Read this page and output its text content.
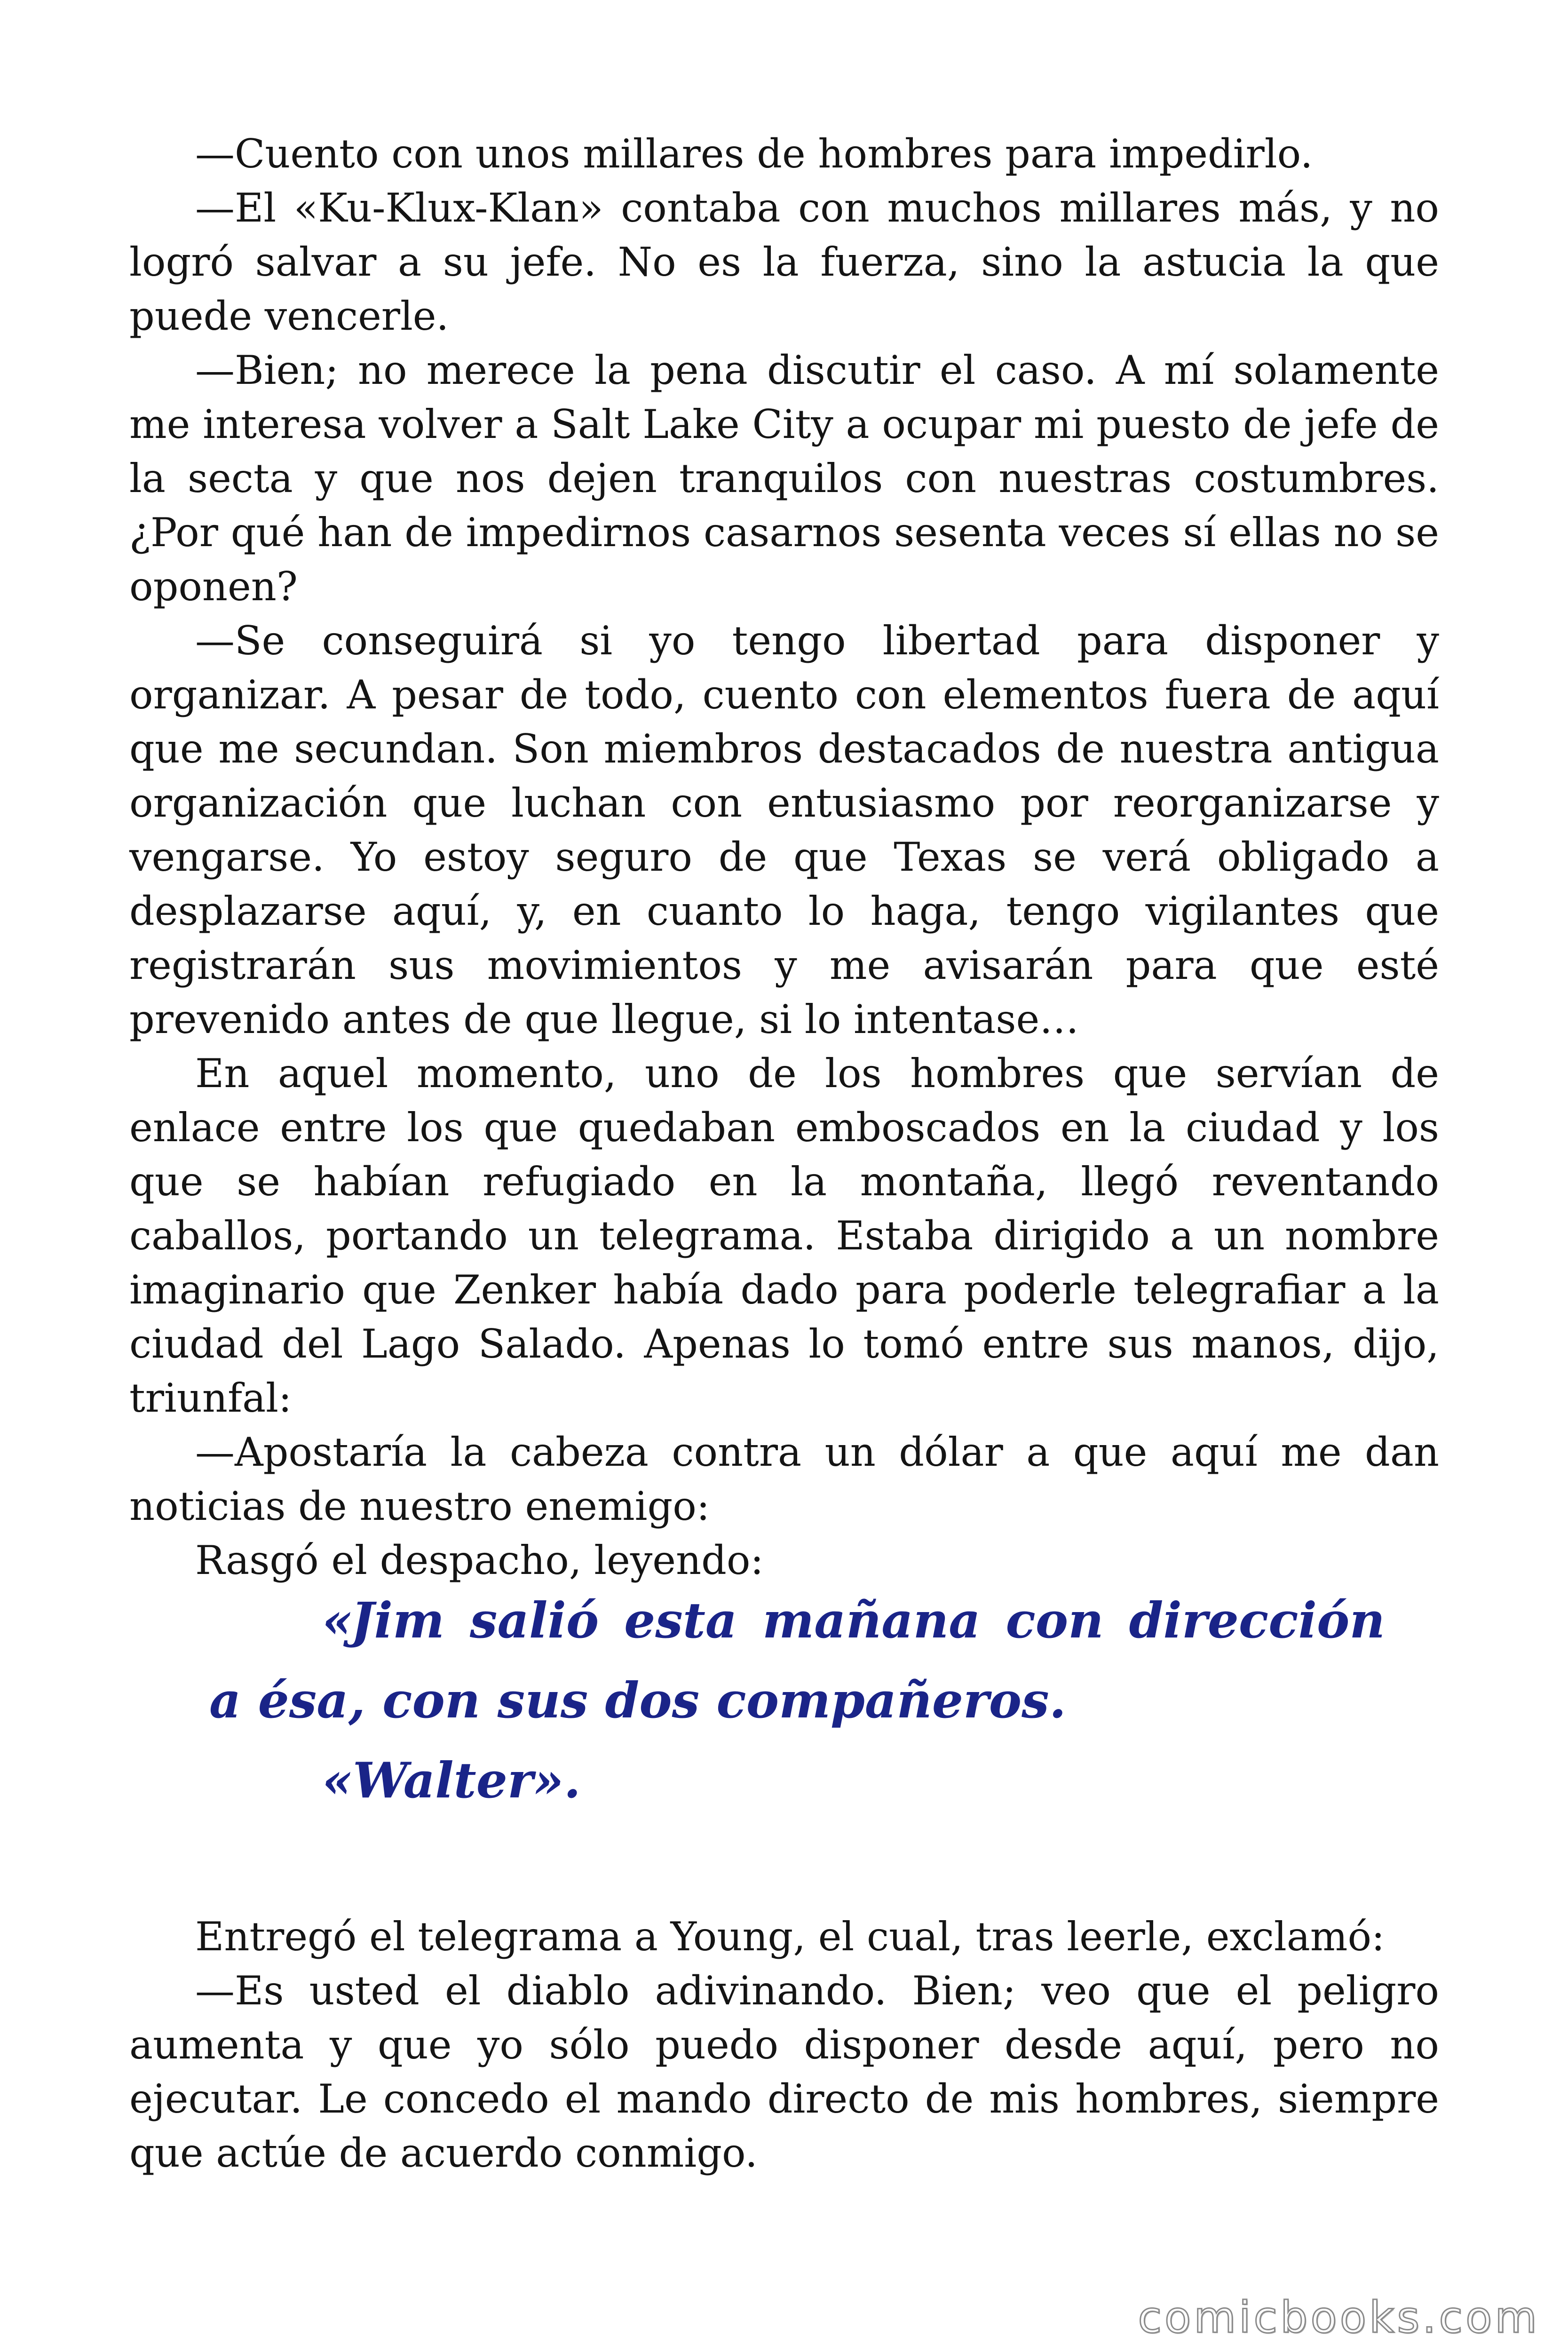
—Cuento con unos millares de hombres para impedirlo.

—El «Ku-Klux-Klan» contaba con muchos millares más, y no logró salvar a su jefe. No es la fuerza, sino la astucia la que puede vencerle.

—Bien; no merece la pena discutir el caso. A mí solamente me interesa volver a Salt Lake City a ocupar mi puesto de jefe de la secta y que nos dejen tranquilos con nuestras costumbres. ¿Por qué han de impedirnos casarnos sesenta veces sí ellas no se oponen?

—Se conseguirá si yo tengo libertad para disponer y organizar. A pesar de todo, cuento con elementos fuera de aquí que me secundan. Son miembros destacados de nuestra antigua organización que luchan con entusiasmo por reorganizarse y vengarse. Yo estoy seguro de que Texas se verá obligado a desplazarse aquí, y, en cuanto lo haga, tengo vigilantes que registrarán sus movimientos y me avisarán para que esté prevenido antes de que llegue, si lo intentase…

En aquel momento, uno de los hombres que servían de enlace entre los que quedaban emboscados en la ciudad y los que se habían refugiado en la montaña, llegó reventando caballos, portando un telegrama. Estaba dirigido a un nombre imaginario que Zenker había dado para poderle telegrafiar a la ciudad del Lago Salado. Apenas lo tomó entre sus manos, dijo, triunfal:

—Apostaría la cabeza contra un dólar a que aquí me dan noticias de nuestro enemigo:

Rasgó el despacho, leyendo:

«Jim salió esta mañana con dirección a ésa, con sus dos compañeros.

«Walter».

Entregó el telegrama a Young, el cual, tras leerle, exclamó:

—Es usted el diablo adivinando. Bien; veo que el peligro aumenta y que yo sólo puedo disponer desde aquí, pero no ejecutar. Le concedo el mando directo de mis hombres, siempre que actúe de acuerdo conmigo.

comicbooks.com
